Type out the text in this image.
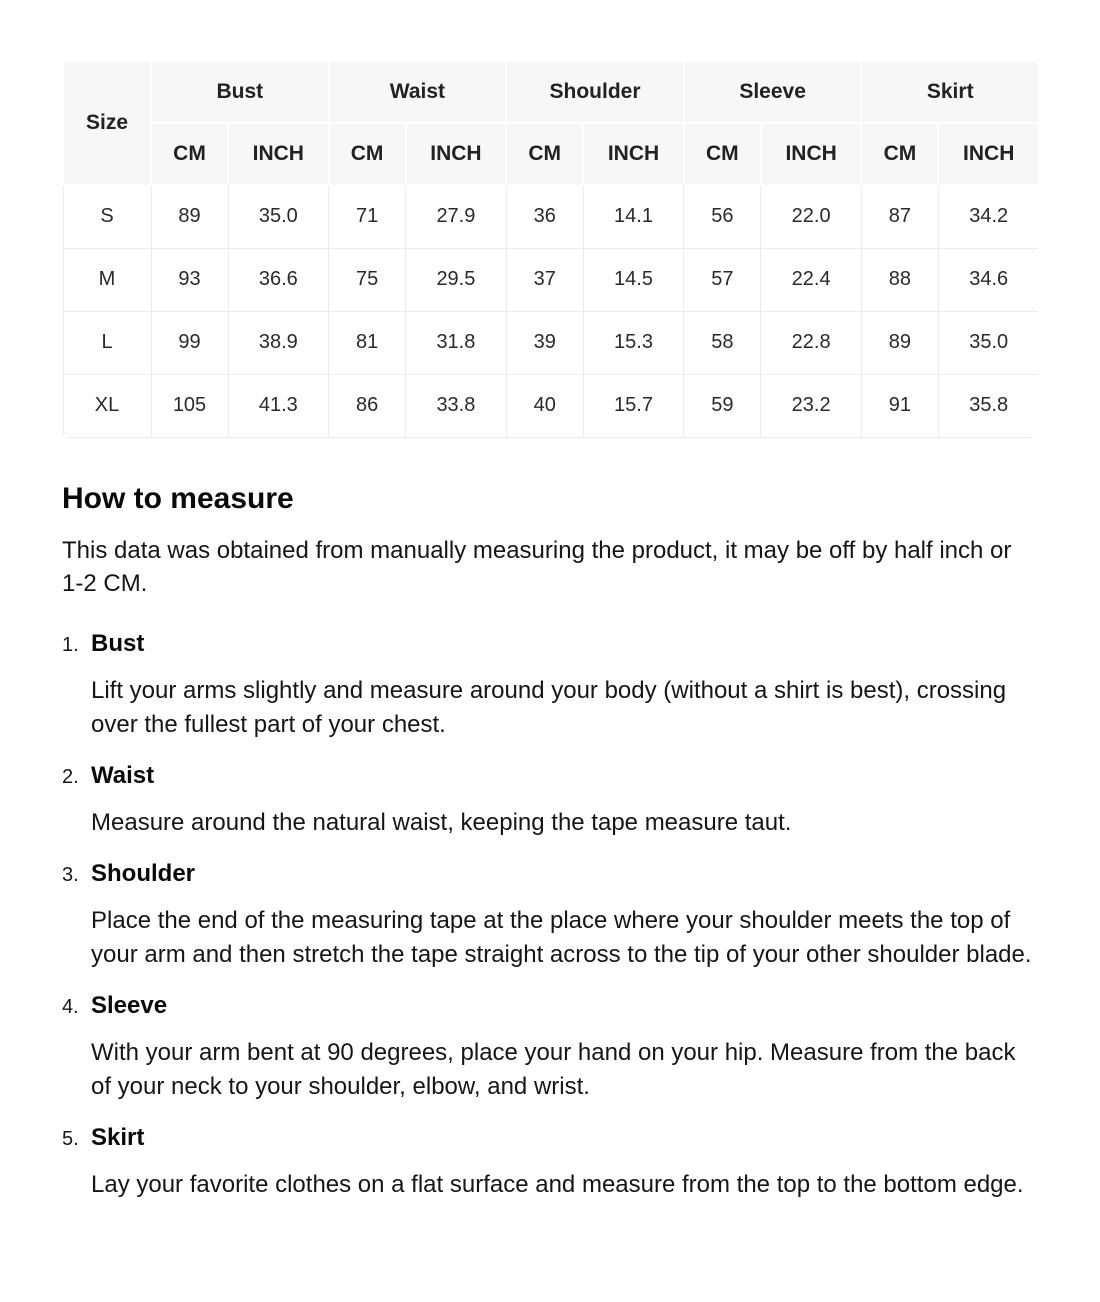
Size	Bust		Waist		Shoulder		Sleeve		Skirt	
	CM	INCH	CM	INCH	CM	INCH	CM	INCH	CM	INCH
S	89	35.0	71	27.9	36	14.1	56	22.0	87	34.2
M	93	36.6	75	29.5	37	14.5	57	22.4	88	34.6
L	99	38.9	81	31.8	39	15.3	58	22.8	89	35.0
XL	105	41.3	86	33.8	40	15.7	59	23.2	91	35.8
How to measure

This data was obtained from manually measuring the product, it may be off by half inch or 1-2 CM.

1. Bust
Lift your arms slightly and measure around your body (without a shirt is best), crossing over the fullest part of your chest.
2. Waist
Measure around the natural waist, keeping the tape measure taut.
3. Shoulder
Place the end of the measuring tape at the place where your shoulder meets the top of your arm and then stretch the tape straight across to the tip of your other shoulder blade.
4. Sleeve
With your arm bent at 90 degrees, place your hand on your hip. Measure from the back of your neck to your shoulder, elbow, and wrist.
5. Skirt
Lay your favorite clothes on a flat surface and measure from the top to the bottom edge.
